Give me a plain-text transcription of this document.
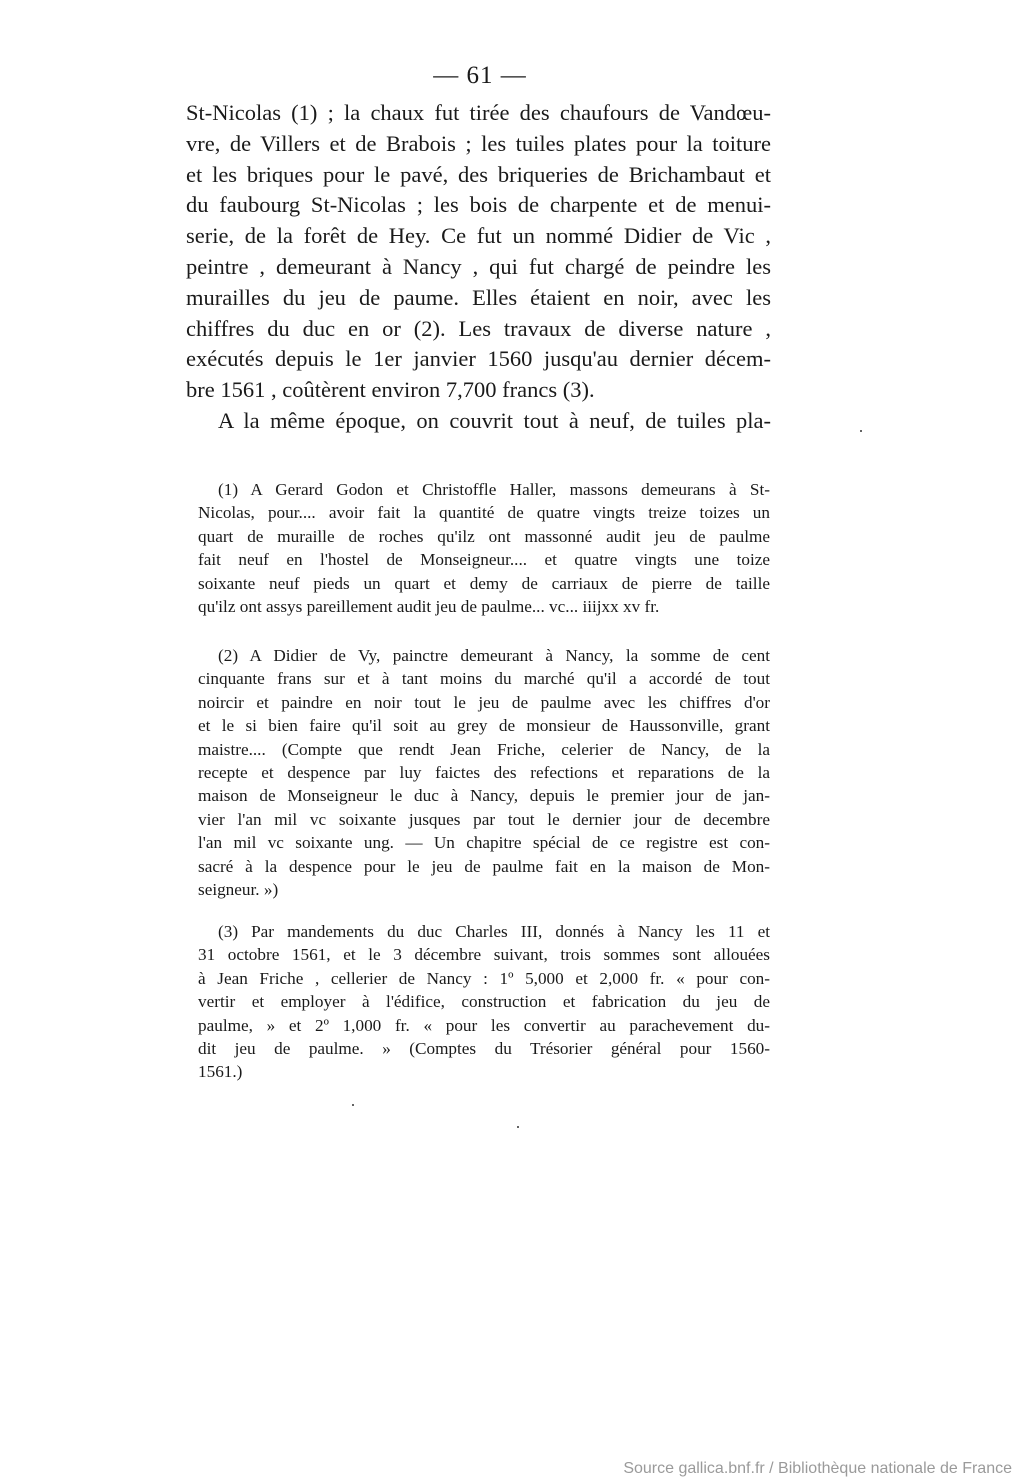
— 61 —
St-Nicolas (1) ; la chaux fut tirée des chaufours de Vandœu-
vre, de Villers et de Brabois ; les tuiles plates pour la toiture
et les briques pour le pavé, des briqueries de Brichambaut et
du faubourg St-Nicolas ; les bois de charpente et de menui-
serie, de la forêt de Hey. Ce fut un nommé Didier de Vic ,
peintre , demeurant à Nancy , qui fut chargé de peindre les
murailles du jeu de paume. Elles étaient en noir, avec les
chiffres du duc en or (2). Les travaux de diverse nature ,
exécutés depuis le 1er janvier 1560 jusqu'au dernier décem-
bre 1561 , coûtèrent environ 7,700 francs (3).
A la même époque, on couvrit tout à neuf, de tuiles pla-
(1) A Gerard Godon et Christoffle Haller, massons demeurans à St-
Nicolas, pour.... avoir fait la quantité de quatre vingts treize toizes un
quart de muraille de roches qu'ilz ont massonné audit jeu de paulme
fait neuf en l'hostel de Monseigneur.... et quatre vingts une toize
soixante neuf pieds un quart et demy de carriaux de pierre de taille
qu'ilz ont assys pareillement audit jeu de paulme... vc... iiijxx xv fr.
(2) A Didier de Vy, painctre demeurant à Nancy, la somme de cent
cinquante frans sur et à tant moins du marché qu'il a accordé de tout
noircir et paindre en noir tout le jeu de paulme avec les chiffres d'or
et le si bien faire qu'il soit au grey de monsieur de Haussonville, grant
maistre.... (Compte que rendt Jean Friche, celerier de Nancy, de la
recepte et despence par luy faictes des refections et reparations de la
maison de Monseigneur le duc à Nancy, depuis le premier jour de jan-
vier l'an mil vc soixante jusques par tout le dernier jour de decembre
l'an mil vc soixante ung. — Un chapitre spécial de ce registre est con-
sacré à la despence pour le jeu de paulme fait en la maison de Mon-
seigneur. »)
(3) Par mandements du duc Charles III, donnés à Nancy les 11 et
31 octobre 1561, et le 3 décembre suivant, trois sommes sont allouées
à Jean Friche , cellerier de Nancy : 1º 5,000 et 2,000 fr. « pour con-
vertir et employer à l'édifice, construction et fabrication du jeu de
paulme, » et 2º 1,000 fr. « pour les convertir au parachevement du-
dit jeu de paulme. » (Comptes du Trésorier général pour 1560-
1561.)
Source gallica.bnf.fr / Bibliothèque nationale de France
